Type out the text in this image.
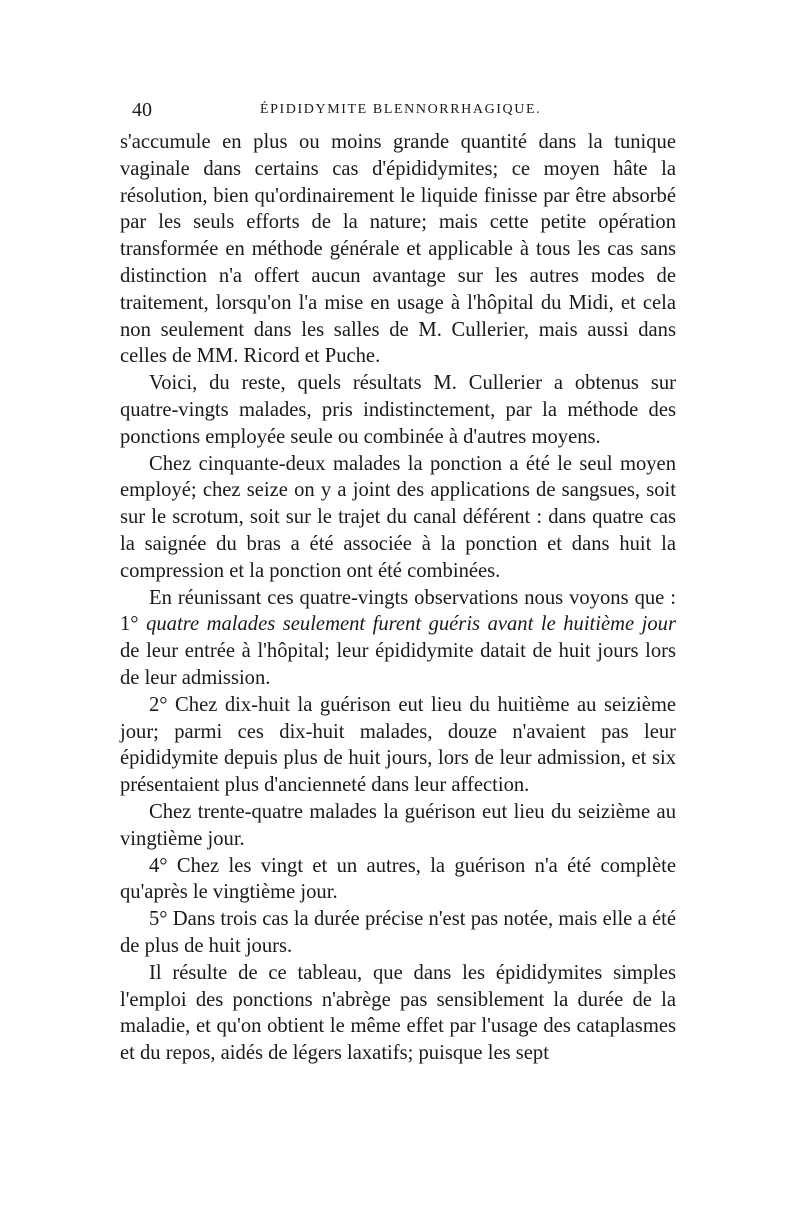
40	ÉPIDIDYMITE BLENNORRHAGIQUE.

s'accumule en plus ou moins grande quantité dans la tunique vaginale dans certains cas d'épididymites; ce moyen hâte la résolution, bien qu'ordinairement le liquide finisse par être absorbé par les seuls efforts de la nature; mais cette petite opération transformée en méthode générale et applicable à tous les cas sans distinction n'a offert aucun avantage sur les autres modes de traitement, lorsqu'on l'a mise en usage à l'hôpital du Midi, et cela non seulement dans les salles de M. Cullerier, mais aussi dans celles de MM. Ricord et Puche.

Voici, du reste, quels résultats M. Cullerier a obtenus sur quatre-vingts malades, pris indistinctement, par la méthode des ponctions employée seule ou combinée à d'autres moyens.

Chez cinquante-deux malades la ponction a été le seul moyen employé; chez seize on y a joint des applications de sangsues, soit sur le scrotum, soit sur le trajet du canal déférent : dans quatre cas la saignée du bras a été associée à la ponction et dans huit la compression et la ponction ont été combinées.

En réunissant ces quatre-vingts observations nous voyons que : 1° quatre malades seulement furent guéris avant le huitième jour de leur entrée à l'hôpital; leur épididymite datait de huit jours lors de leur admission.

2° Chez dix-huit la guérison eut lieu du huitième au seizième jour; parmi ces dix-huit malades, douze n'avaient pas leur épididymite depuis plus de huit jours, lors de leur admission, et six présentaient plus d'ancienneté dans leur affection.

Chez trente-quatre malades la guérison eut lieu du seizième au vingtième jour.

4° Chez les vingt et un autres, la guérison n'a été complète qu'après le vingtième jour.

5° Dans trois cas la durée précise n'est pas notée, mais elle a été de plus de huit jours.

Il résulte de ce tableau, que dans les épididymites simples l'emploi des ponctions n'abrège pas sensiblement la durée de la maladie, et qu'on obtient le même effet par l'usage des cataplasmes et du repos, aidés de légers laxatifs; puisque les sept
